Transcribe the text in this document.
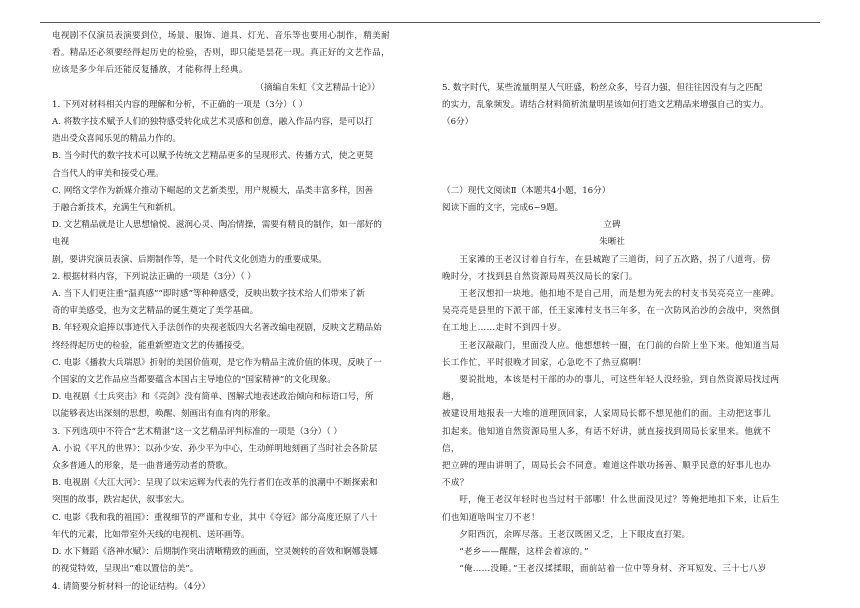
电视剧不仅演员表演要到位，场景、服饰、道具、灯光、音乐等也要用心制作，精美耐

看。精品还必须要经得起历史的检验，否则，即只能是昙花一现。真正好的文艺作品，

应该是多少年后还能反复播放，才能称得上经典。

（摘编自朱虹《文艺精品十论》）

1. 下列对材料相关内容的理解和分析，不正确的一项是（3分）（ ）

A. 将数字技术赋予人们的独特感受转化成艺术灵感和创意，融入作品内容，是可以打

造出受众喜闻乐见的精品力作的。

B. 当今时代的数字技术可以赋予传统文艺精品更多的呈现形式、传播方式，使之更契

合当代人的审美和接受心理。

C. 网络文学作为新媒介推动下崛起的文艺新类型，用户规模大，品类丰富多样，因善

于融合新技术，充满生气和新机。

D. 文艺精品就是让人思想愉悦、滋润心灵、陶冶情操，需要有精良的制作，如一部好的电视

剧，要讲究演员表演、后期制作等，是一个时代文化创造力的重要成果。

2. 根据材料内容，下列说法正确的一项是（3分）（ ）

A. 当下人们更注重“温真感”“即时感”等种种感受，反映出数字技术给人们带来了新

奇的审美感受，也为文艺精品的诞生奠定了美学基础。

B. 年轻观众追捧以事迹代入手法创作的央视老版四大名著改编电视剧，反映文艺精品始

终经得起历史的检验，能重新塑造文艺的传播接受。

C. 电影《播救大兵瑞恩》折射的美国价值观，是它作为精品主流价值的体现，反映了一

个国家的文艺作品应当都要蕴含本国占主导地位的“国家精神”的文化现象。

D. 电视剧《士兵突击》和《亮剑》没有简单、图解式地表述政治倾向和标语口号，所

以能够表达出深刻的思想，唤醒、刻画出有血有肉的形象。

3. 下列选项中不符合“艺术精湛”这一文艺精品评判标准的一项是（3分）（ ）

A. 小说《平凡的世界》：以孙少安、孙少平为中心，生动鲜明地刻画了当时社会各阶层

众多普通人的形象，是一曲普通劳动者的赞歌。

B. 电视剧《大江大河》：呈现了以宋运辉为代表的先行者们在改革的浪潮中不断探索和

突围的故事，跌宕起伏，叙事宏大。

C. 电影《我和我的祖国》：重视细节的严谨和专业，其中《夺冠》部分高度还原了八十

年代的元素，比如带室外天线的电视机、送环画等。

D. 水下舞蹈《洛神水赋》：后期制作突出清晰精致的画面，空灵婉转的音效和婀娜袅娜

的视觉特效，呈现出“难以置信的美”。

4. 请简要分析材料一的论证结构。（4分）

5. 数字时代，某些流量明星人气旺盛，粉丝众多，号召力强，但往往因没有与之匹配

的实力，乱象频发。请结合材料简析流量明星该如何打造文艺精品来增强自己的实力。

（6分）

（二）现代文阅读Ⅱ（本题共4小题，16分）

阅读下面的文字，完成6~9题。

立碑

朱晰社

王家滩的王老汉讨着自行车，在县城跑了三道街，问了五次路，拐了八道弯，傍

晚时分，才找到县自然资源局周英汉局长的家门。

王老汉想扣一块地。他扣地不是自己用，而是想为死去的村支书吴亮亮立一座碑。

吴亮亮是县里的下派干部，任王家滩村支书三年多，在一次防风治沙的会战中，突然倒

在工地上……走时不到四十岁。

王老汉敲敲门，里面没人应。他想想转一圈，在门前的台阶上坐下来。他知道当局

长工作忙，平时很晚才回家，心急吃不了热豆腐啊！

要说批地，本该是村干部的办的事儿，可这些年轻人没经验，到自然资源局找过两趟，

被建设用地报表一大堆的道理顶回家，人家周局长都不想见他们的面。主动把这事儿

扣起来。他知道自然资源局里人多，有话不好讲，就直接找到周局长家里来。他就不信，

把立碑的理由讲明了，周局长会不同意。难道这件歇功扬善、顺乎民意的好事儿也办

不成？

吁，俺王老汉年轻时也当过村干部哪！什么世面没见过？等俺把地扣下来，让后生

们也知道啥叫宝刀不老！

夕阳西沉，余晖尽落。王老汉既困又乏，上下眼皮直打架。

“老乡——醒醒，这样会着凉的。”

“俺……没睡。”王老汉揉揉眼，面前站着一位中等身材、齐耳短发、三十七八岁
